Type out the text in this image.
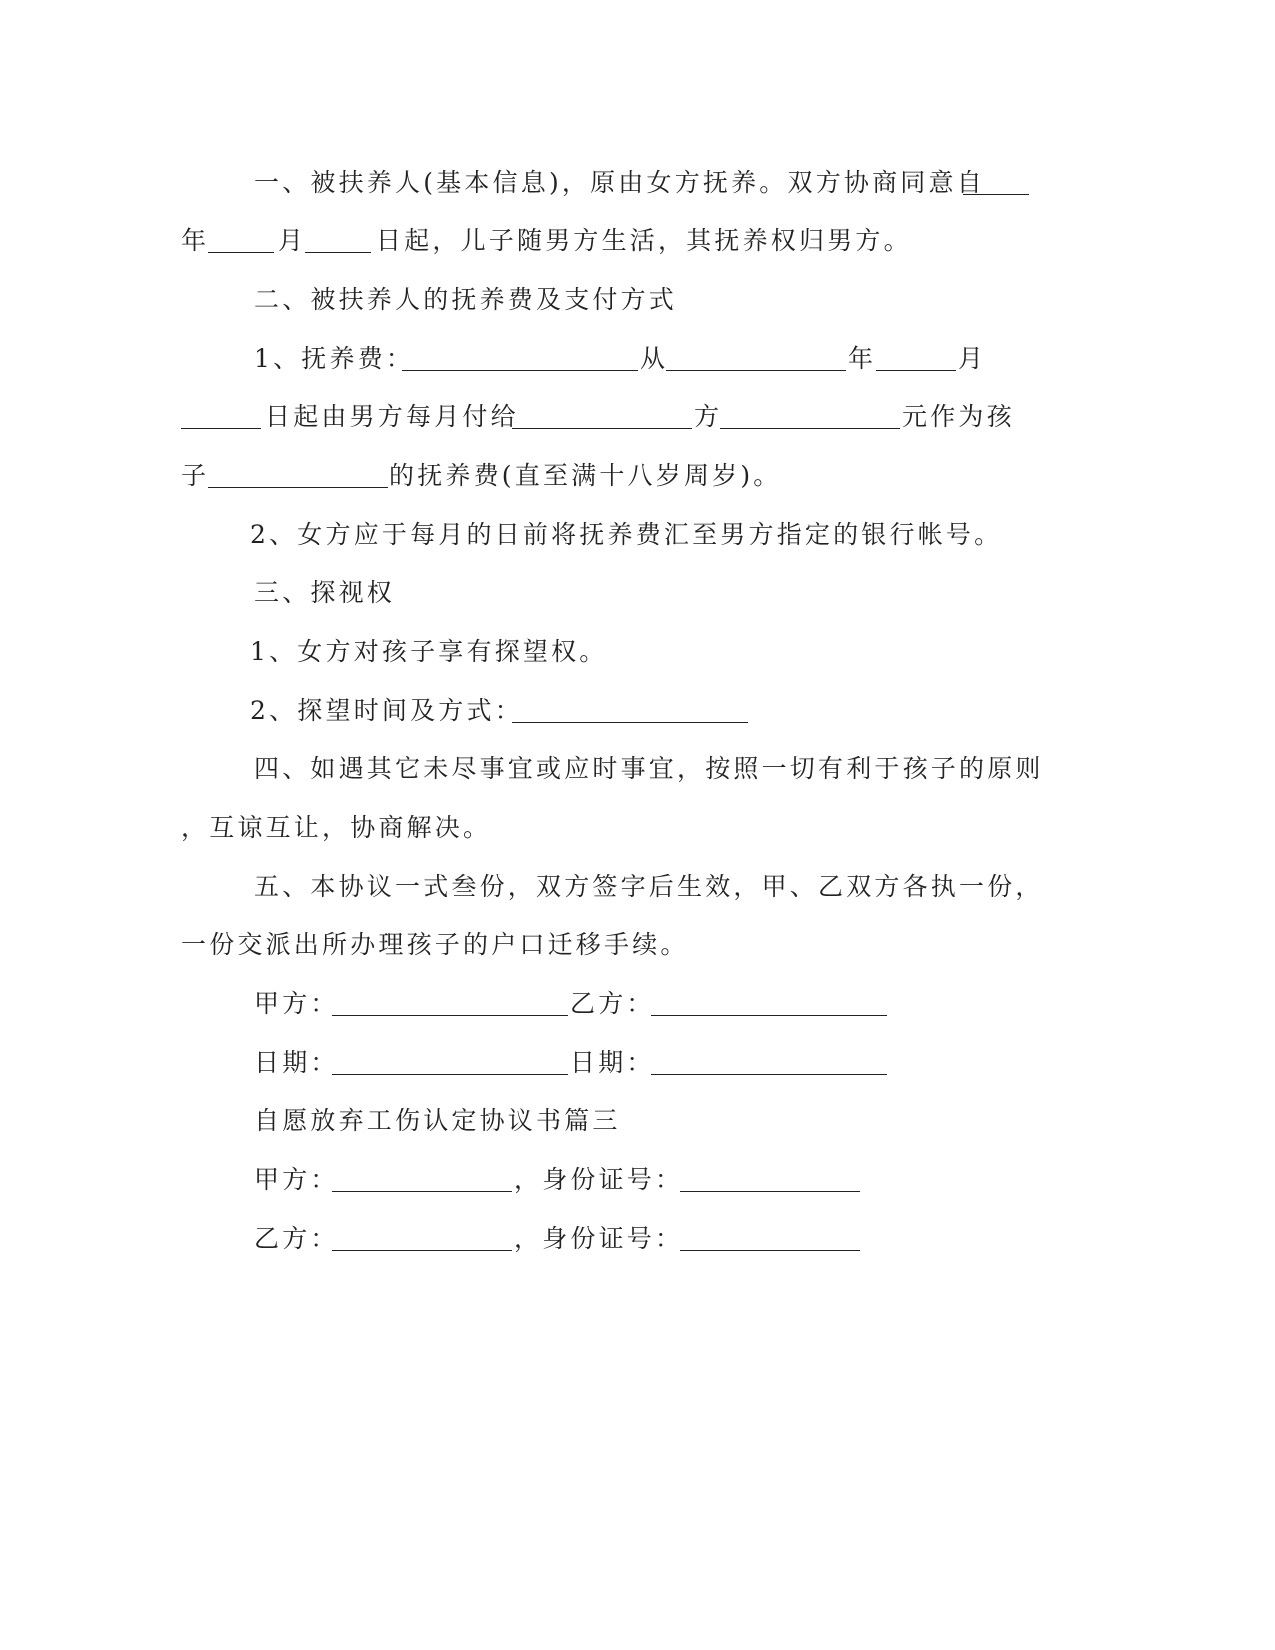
一、被扶养人(基本信息)，原由女方抚养。双方协商同意自
年	月	日起，儿子随男方生活，其抚养权归男方。
二、被扶养人的抚养费及支付方式
1、抚养费：	从	年	月
日起由男方每月付给	方	元作为孩
子	的抚养费(直至满十八岁周岁)。
2、女方应于每月的日前将抚养费汇至男方指定的银行帐号。
三、探视权
1、女方对孩子享有探望权。
2、探望时间及方式：
四、如遇其它未尽事宜或应时事宜，按照一切有利于孩子的原则
，互谅互让，协商解决。
五、本协议一式叁份，双方签字后生效，甲、乙双方各执一份，
一份交派出所办理孩子的户口迁移手续。
甲方：	乙方：
日期：	日期：
自愿放弃工伤认定协议书篇三
甲方：	，身份证号：
乙方：	，身份证号：
